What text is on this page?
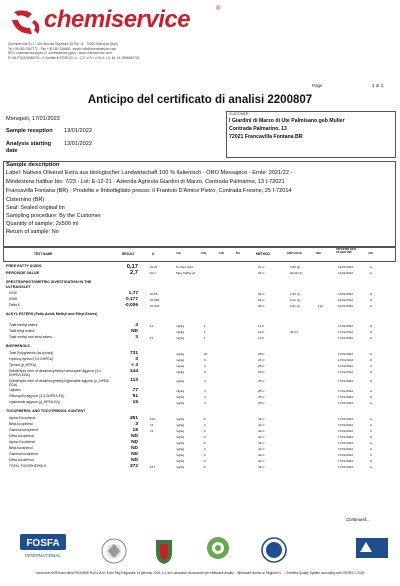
chemiservice	®
Chemiservice S.r.l. - Via Vecchia Ospedale 38 Pal. 11 - 70020 Monopoli (Bari)
Tel +39 080 7467777 - Fax +39 080 748466 - email: info@chemiservice.com
PEC: chemiservice@pec.it - chemiservice.gpa.it - www.chemiservice.com
P. IVA IT04326580723 - C.Sociale € 97500,00 i.v. - C.F. e R.I. n.01.4.1.A. IM. 01-0426580723
Page	1 di 3
Anticipo del certificato di analisi 2200807
Monopoli, 17/01/2022
Sample reception 13/01/2022
Analysis starting date
13/01/2022
CUSTOMER
I Giardini di Marzo di Ute Palmisano geb Muller
Contrada Palmarino, 13
72021 Francavilla Fontana BR
Sample description
Label: Natives Olivenol Extra aus biologischer Landwirtschaft 100 % Italienisch - ORO Messapico - Ernte: 2021/22 -
Mindestens haltbar bis: 7/23 - Lot: E-12-21 - Azienda Agricola Giardini di Marzo, Contrada Palmarino, 13 I-72021
Francavilla Fontana (BR) - Prodotto e Imbottigliato presso: Il Frantoio D'Amico Pietro, Contrada Fresine, 25 I-72014
Cisternino (BR)
Seal: Sealed original tin
Sampling procedure: By the Customer
Quantity of sample: 2x500 ml
Return of sample: No
TEST NAME	RESULT	U	U.M.	LOQ	LOD	R%	METHOD	LIMIT VALUE	REC
REPORTED DATE OF ANALYSIS	ACC.
FREE FATTY ACIDS	0,17	±0,01	% Oleic Acid	01-C	0,80 (1)	14/01/2022	A
PEROXIDE VALUE	2,7	±0,1	Meq O2/Kg oil	02-C	20,00 (1)	14/01/2022	A
SPECTROPHOTOMETRIC INVESTIGATION IN THE ULTRAVIOLET
K232	1,77	±0,05	03-C	2,50 (1)	14/01/2022	A
K268	0,177	±0,005	03-C	0,22 (1)	14/01/2022	A
Delta K	-0,006	±0,001	03-C	0,01 (1)	112	14/01/2022	A
ALKYL ESTERS (Fatty Acids Methyl and Ethyl Esters)
Total methyl esters	3	±1	mg/kg	1	11-C	17/01/2022	A
Total ethyl esters	ND	mg/kg	1	11-C	35 (1)	17/01/2022	A
Total methyl and ethyl esters	3	±1	mg/kg	1	11-C	17/01/2022	A
BIOPHENOLS
Total Polyphenols (as tyrosol)	731	mg/kg	30	25-C	17/01/2022	A
Hydroxy-tyrosol (3,4 DHPEA)	3	mg/kg	3	25-C	17/01/2022	A
Tyrosol (p_HPEA)	< 3	mg/kg	3	25-C	17/01/2022	A
Dialdehydic form of decarboxymethyl oleuropein aglycon (3,4 DHPEA-EDA)
144	mg/kg	3	25-C	17/01/2022	A
Dialdehydic form of decarboxymethyl ligstroside aglycon (p_HPEA-EDA)
113	mg/kg	3	25-C	17/01/2022	A
Lignans	77	mg/kg	3	25-C	17/01/2022	A
Oleuropein aglycon (3,4 DHPEA-EA)	51	mg/kg	3	25-C	17/01/2022	A
Ligstroside aglycon (p_HPEA-EA)	15	mg/kg	3	25-C	17/01/2022	A
TOCOPHEROL AND TOCOTRIENOL CONTENT
Alpha-Tocopherol	351	±22	mg/kg	2	44-C	17/01/2022	A
Beta-tocopherol	3	±1	mg/kg	2	44-C	17/01/2022	A
Gamma-tocopherol	18	±1	mg/kg	2	44-C	17/01/2022	A
Delta-tocopherol	ND	mg/kg	2	44-C	17/01/2022	A
Alpha-Tocotrienol	ND	mg/kg	2	44-C	17/01/2022	A
Beta-tocotrienol	ND	mg/kg	2	44-C	17/01/2022	A
Gamma-tocotrienol	ND	mg/kg	2	44-C	17/01/2022	A
Delta-tocotrienol	ND	mg/kg	2	44-C	17/01/2022	A
TOTAL TOCOPHEROLS	372	±67	mg/kg	2	44-C	17/01/2022	A
Continued...
FOSFA
INTERNATIONAL
Iscrizione nell'Elenco della REGIONE PUGLIA nr. 8 del Reg Regionale 19 gennaio 2009, n.1 dei Laboratori riconosciuti per effettuare analisi... Operatore iscritto al Registro N. ... Certified Quality System according with ISO/IEC 17025
